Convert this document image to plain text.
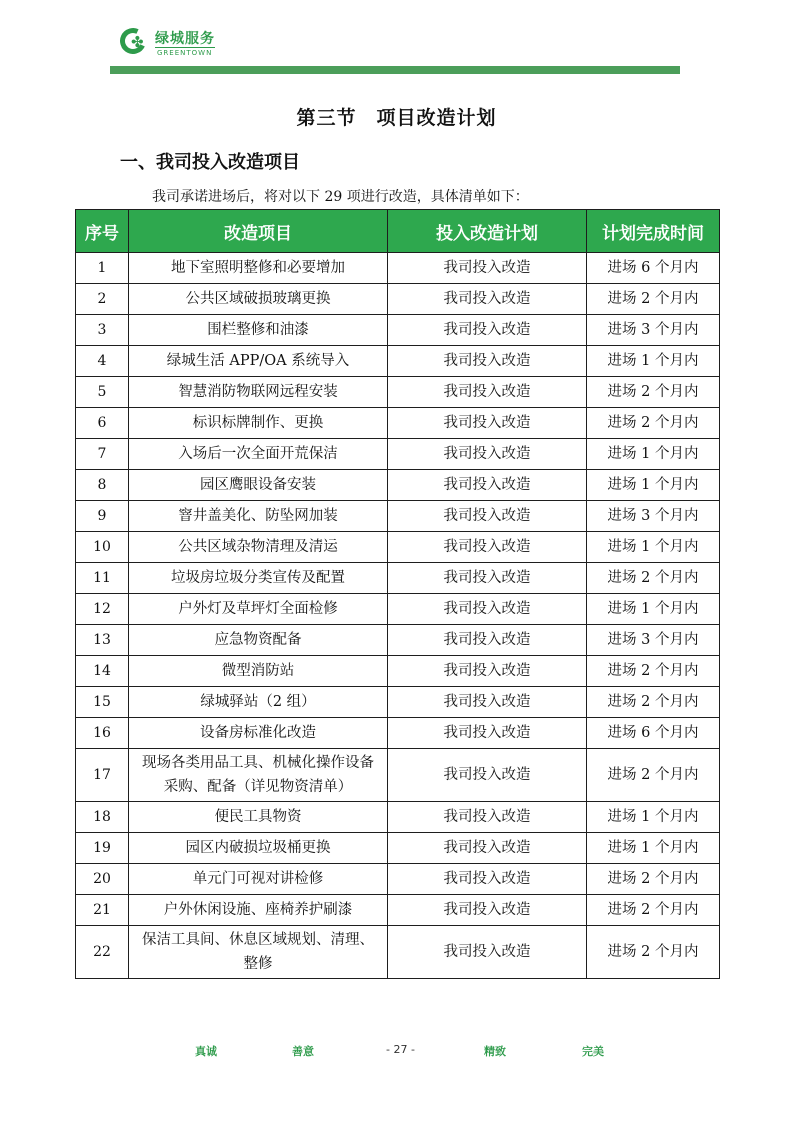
✤ 绿城服务
GREENTOWN
第三节　项目改造计划
一、我司投入改造项目
我司承诺进场后，将对以下 29 项进行改造，具体清单如下：
序号	改造项目	投入改造计划	计划完成时间
1	地下室照明整修和必要增加	我司投入改造	进场 6 个月内
2	公共区域破损玻璃更换	我司投入改造	进场 2 个月内
3	围栏整修和油漆	我司投入改造	进场 3 个月内
4	绿城生活 APP/OA 系统导入	我司投入改造	进场 1 个月内
5	智慧消防物联网远程安装	我司投入改造	进场 2 个月内
6	标识标牌制作、更换	我司投入改造	进场 2 个月内
7	入场后一次全面开荒保洁	我司投入改造	进场 1 个月内
8	园区鹰眼设备安装	我司投入改造	进场 1 个月内
9	窨井盖美化、防坠网加装	我司投入改造	进场 3 个月内
10	公共区域杂物清理及清运	我司投入改造	进场 1 个月内
11	垃圾房垃圾分类宣传及配置	我司投入改造	进场 2 个月内
12	户外灯及草坪灯全面检修	我司投入改造	进场 1 个月内
13	应急物资配备	我司投入改造	进场 3 个月内
14	微型消防站	我司投入改造	进场 2 个月内
15	绿城驿站（2 组）	我司投入改造	进场 2 个月内
16	设备房标准化改造	我司投入改造	进场 6 个月内
17	现场各类用品工具、机械化操作设备采购、配备（详见物资清单）	我司投入改造	进场 2 个月内
18	便民工具物资	我司投入改造	进场 1 个月内
19	园区内破损垃圾桶更换	我司投入改造	进场 1 个月内
20	单元门可视对讲检修	我司投入改造	进场 2 个月内
21	户外休闲设施、座椅养护刷漆	我司投入改造	进场 2 个月内
22	保洁工具间、休息区域规划、清理、整修	我司投入改造	进场 2 个月内
真诚	善意	- 27 -	精致	完美
